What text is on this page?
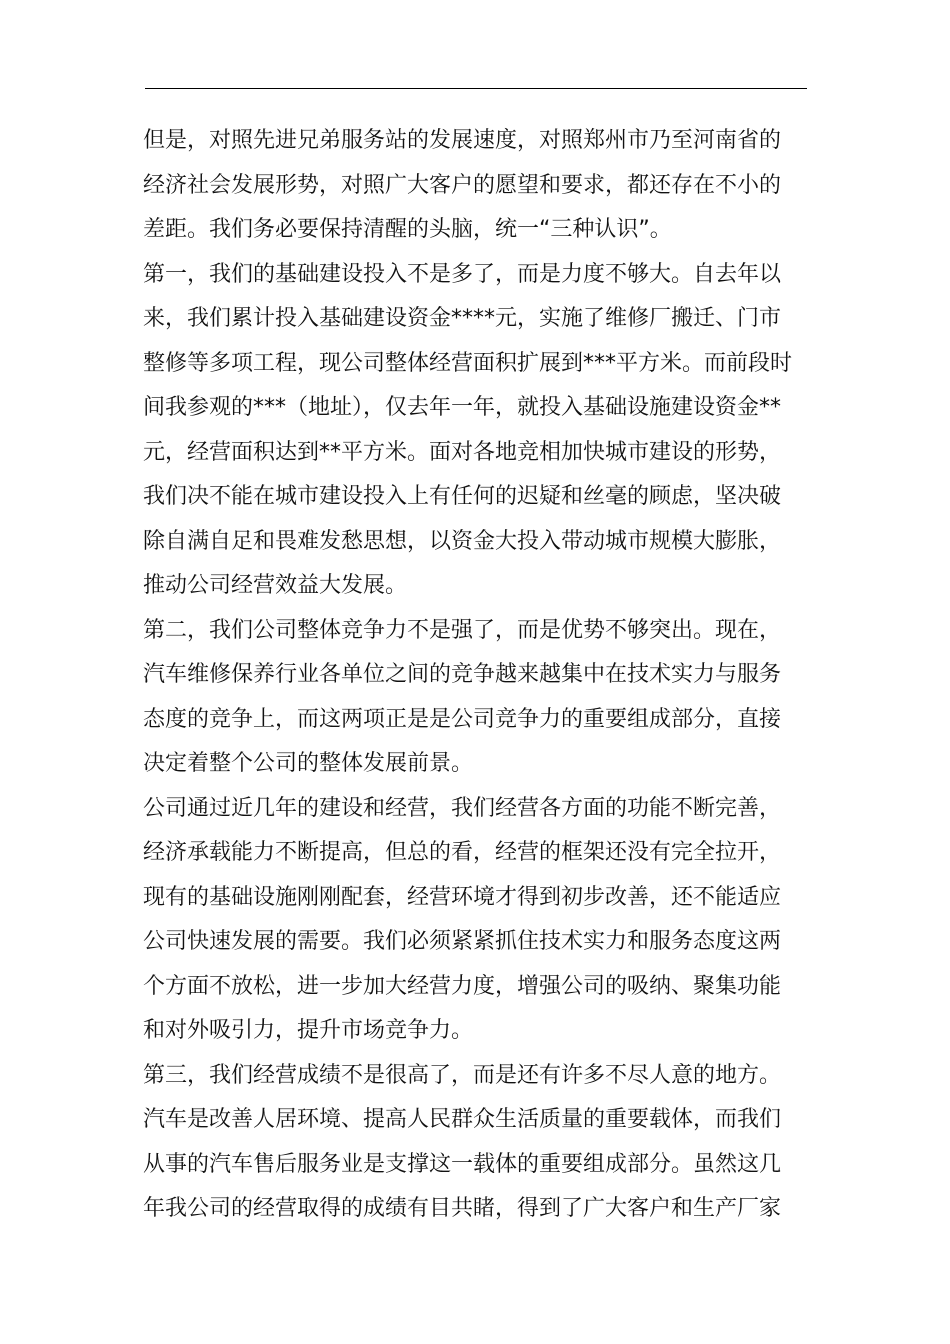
但是，对照先进兄弟服务站的发展速度，对照郑州市乃至河南省的
经济社会发展形势，对照广大客户的愿望和要求，都还存在不小的
差距。我们务必要保持清醒的头脑，统一“三种认识”。
第一，我们的基础建设投入不是多了，而是力度不够大。自去年以
来，我们累计投入基础建设资金****元，实施了维修厂搬迁、门市
整修等多项工程，现公司整体经营面积扩展到***平方米。而前段时
间我参观的***（地址），仅去年一年，就投入基础设施建设资金**
元，经营面积达到**平方米。面对各地竞相加快城市建设的形势，
我们决不能在城市建设投入上有任何的迟疑和丝毫的顾虑，坚决破
除自满自足和畏难发愁思想，以资金大投入带动城市规模大膨胀，
推动公司经营效益大发展。
第二，我们公司整体竞争力不是强了，而是优势不够突出。现在，
汽车维修保养行业各单位之间的竞争越来越集中在技术实力与服务
态度的竞争上，而这两项正是是公司竞争力的重要组成部分，直接
决定着整个公司的整体发展前景。
公司通过近几年的建设和经营，我们经营各方面的功能不断完善，
经济承载能力不断提高，但总的看，经营的框架还没有完全拉开，
现有的基础设施刚刚配套，经营环境才得到初步改善，还不能适应
公司快速发展的需要。我们必须紧紧抓住技术实力和服务态度这两
个方面不放松，进一步加大经营力度，增强公司的吸纳、聚集功能
和对外吸引力，提升市场竞争力。
第三，我们经营成绩不是很高了，而是还有许多不尽人意的地方。
汽车是改善人居环境、提高人民群众生活质量的重要载体，而我们
从事的汽车售后服务业是支撑这一载体的重要组成部分。虽然这几
年我公司的经营取得的成绩有目共睹，得到了广大客户和生产厂家
